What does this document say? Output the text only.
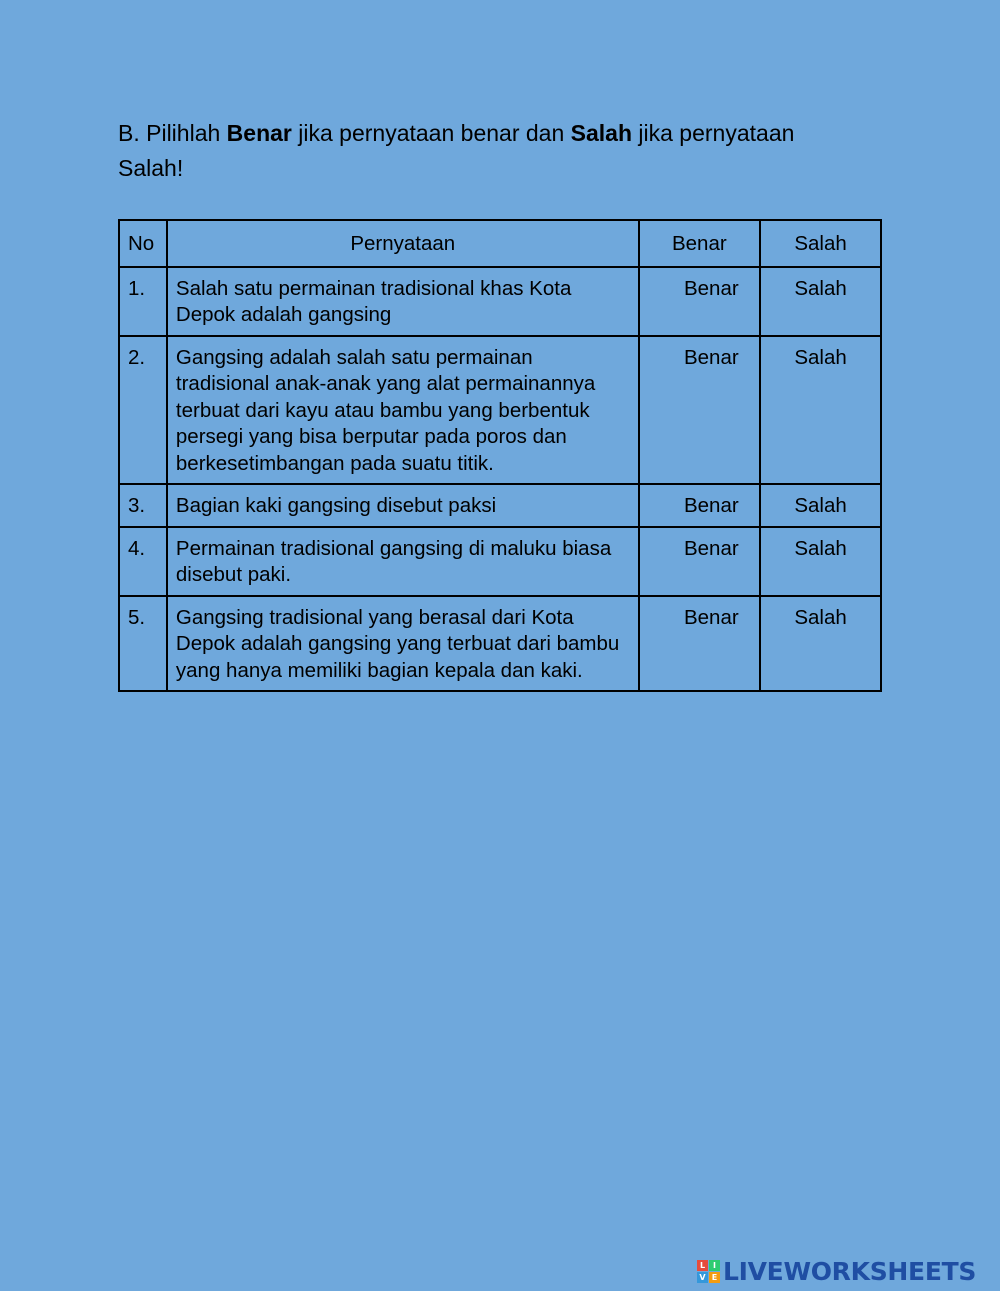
B. Pilihlah Benar jika pernyataan benar dan Salah jika pernyataan Salah!
No	Pernyataan	Benar	Salah
1.	Salah satu permainan tradisional khas Kota Depok adalah gangsing	Benar	Salah
2.	Gangsing adalah salah satu permainan tradisional anak-anak yang alat permainannya terbuat dari kayu atau bambu yang berbentuk persegi yang bisa berputar pada poros dan berkesetimbangan pada suatu titik.	Benar	Salah
3.	Bagian kaki gangsing disebut paksi	Benar	Salah
4.	Permainan tradisional gangsing di maluku biasa disebut paki.	Benar	Salah
5.	Gangsing tradisional yang berasal dari Kota Depok adalah gangsing yang terbuat dari bambu yang hanya memiliki bagian kepala dan kaki.	Benar	Salah
L I
V E LIVEWORKSHEETS
